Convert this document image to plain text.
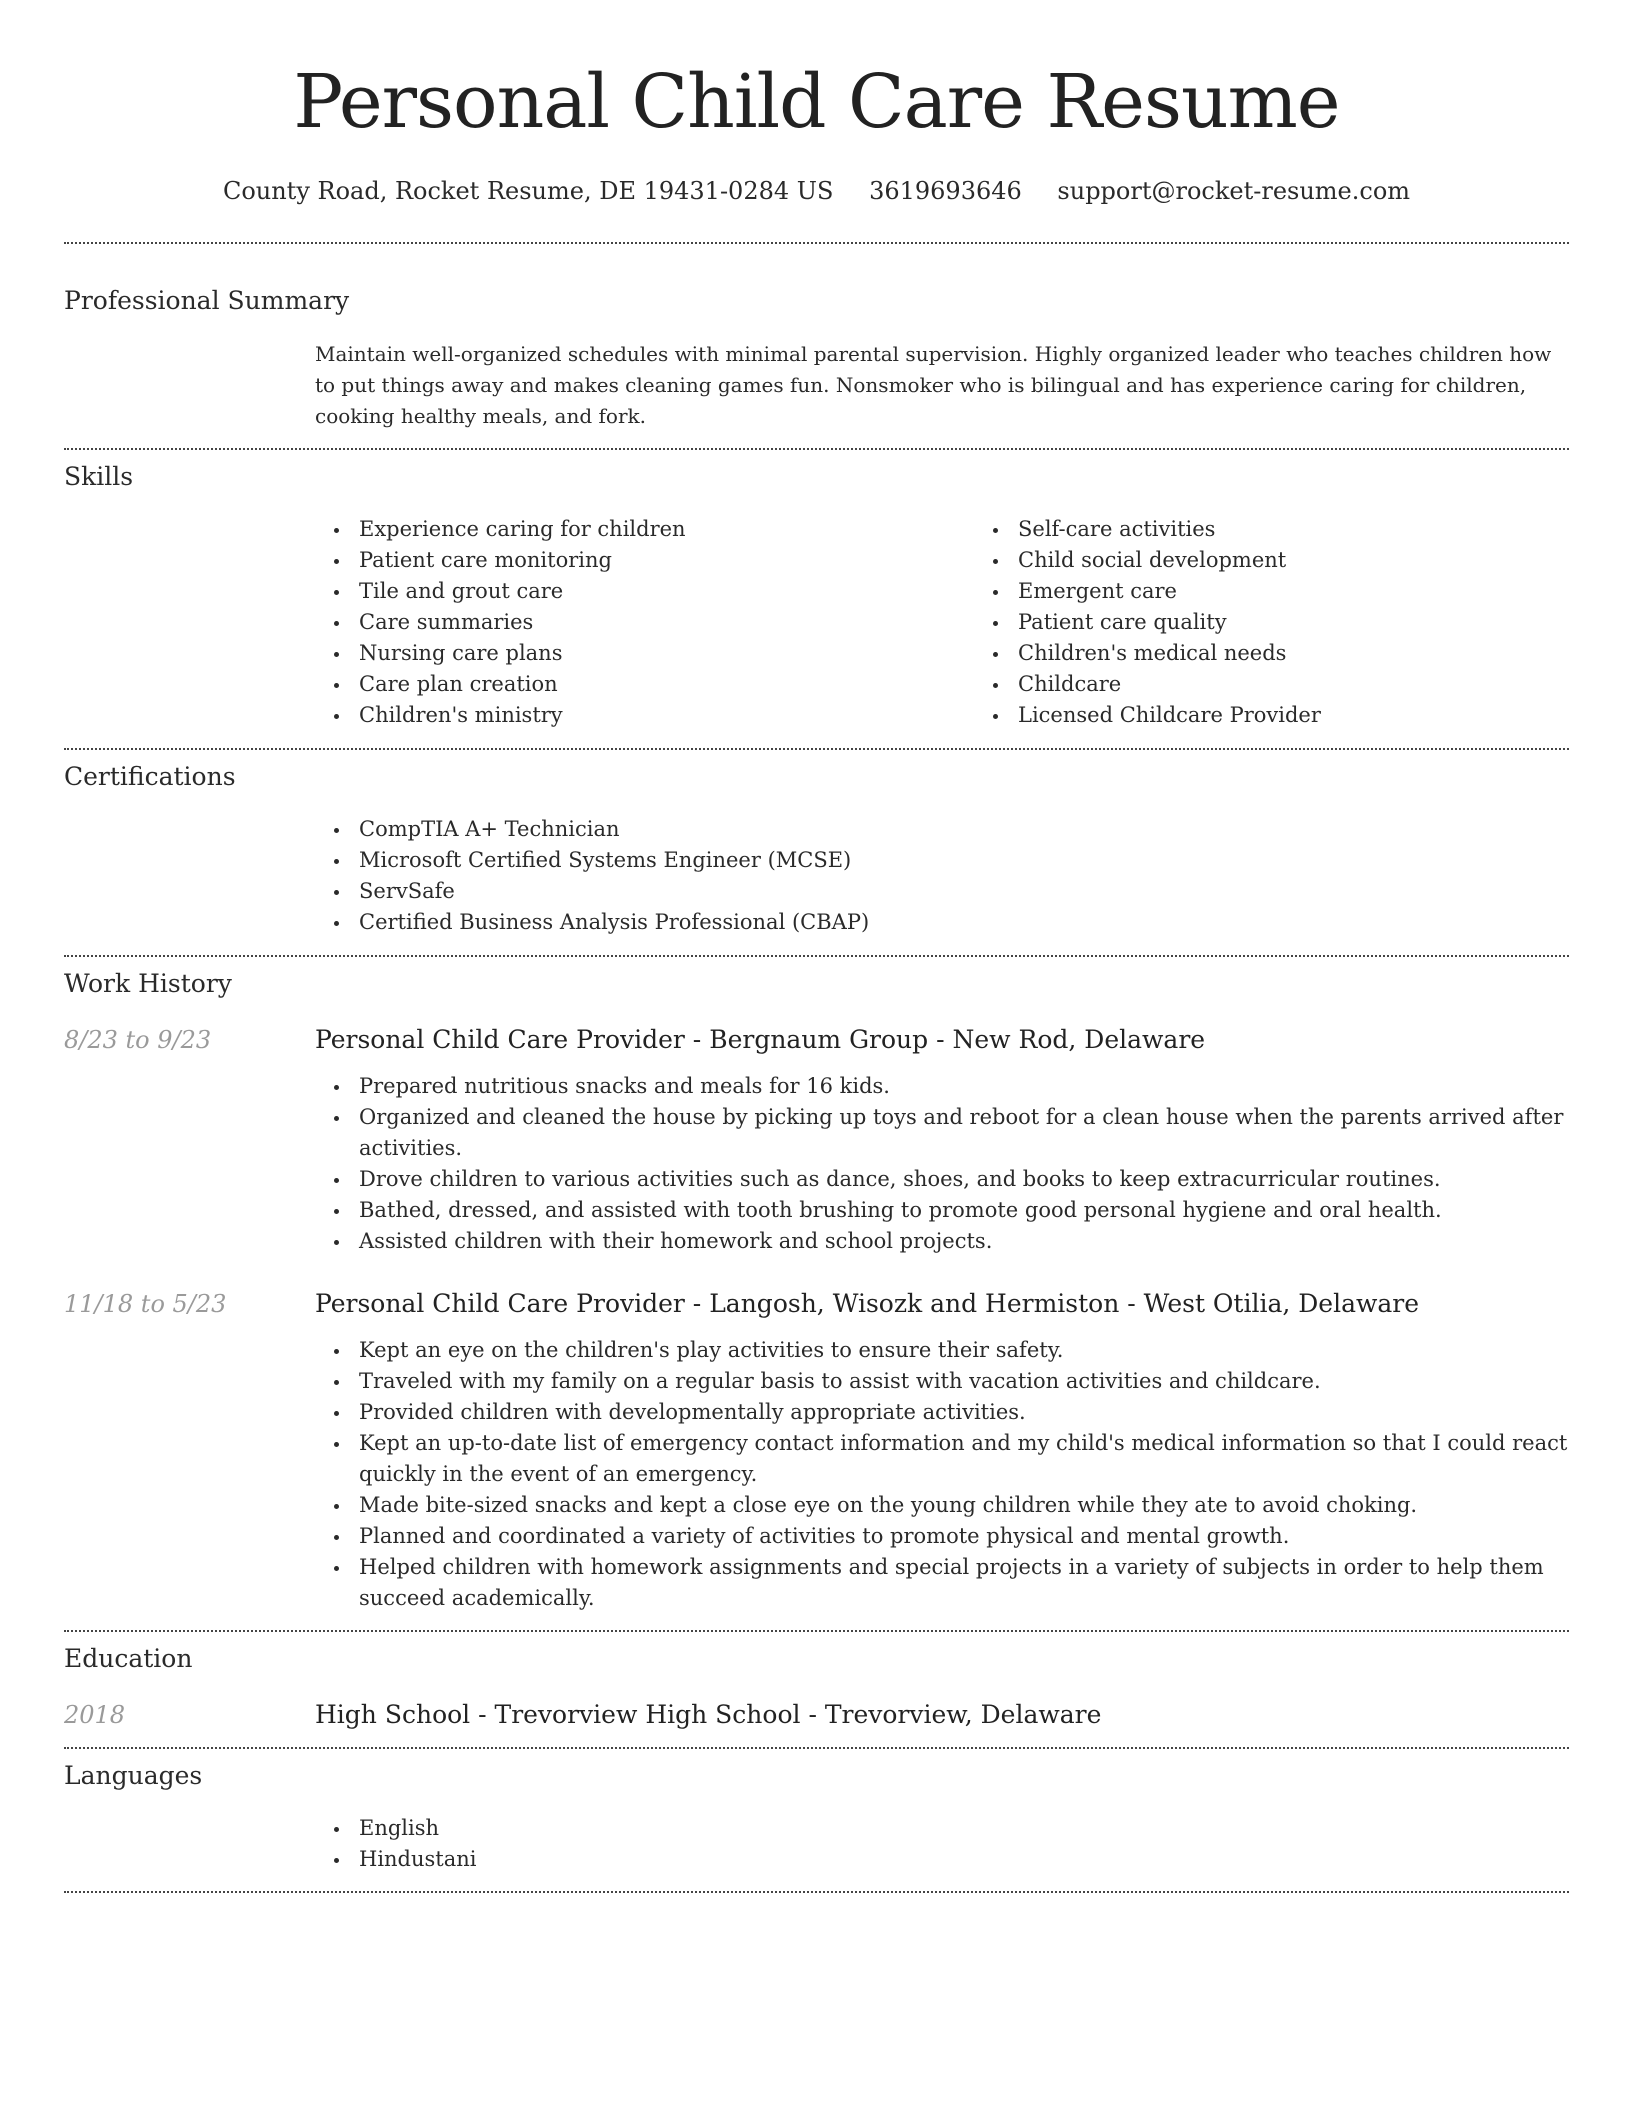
Personal Child Care Resume
County Road, Rocket Resume, DE 19431-0284 US 3619693646 support@rocket-resume.com
Professional Summary
Maintain well-organized schedules with minimal parental supervision. Highly organized leader who teaches children how to put things away and makes cleaning games fun. Nonsmoker who is bilingual and has experience caring for children, cooking healthy meals, and fork.
Skills
Experience caring for children
Patient care monitoring
Tile and grout care
Care summaries
Nursing care plans
Care plan creation
Children's ministry
Self-care activities
Child social development
Emergent care
Patient care quality
Children's medical needs
Childcare
Licensed Childcare Provider
Certifications
CompTIA A+ Technician
Microsoft Certified Systems Engineer (MCSE)
ServSafe
Certified Business Analysis Professional (CBAP)
Work History
8/23 to 9/23	Personal Child Care Provider - Bergnaum Group - New Rod, Delaware
Prepared nutritious snacks and meals for 16 kids.
Organized and cleaned the house by picking up toys and reboot for a clean house when the parents arrived after activities.
Drove children to various activities such as dance, shoes, and books to keep extracurricular routines.
Bathed, dressed, and assisted with tooth brushing to promote good personal hygiene and oral health.
Assisted children with their homework and school projects.
11/18 to 5/23	Personal Child Care Provider - Langosh, Wisozk and Hermiston - West Otilia, Delaware
Kept an eye on the children's play activities to ensure their safety.
Traveled with my family on a regular basis to assist with vacation activities and childcare.
Provided children with developmentally appropriate activities.
Kept an up-to-date list of emergency contact information and my child's medical information so that I could react quickly in the event of an emergency.
Made bite-sized snacks and kept a close eye on the young children while they ate to avoid choking.
Planned and coordinated a variety of activities to promote physical and mental growth.
Helped children with homework assignments and special projects in a variety of subjects in order to help them succeed academically.
Education
2018	High School - Trevorview High School - Trevorview, Delaware
Languages
English
Hindustani
